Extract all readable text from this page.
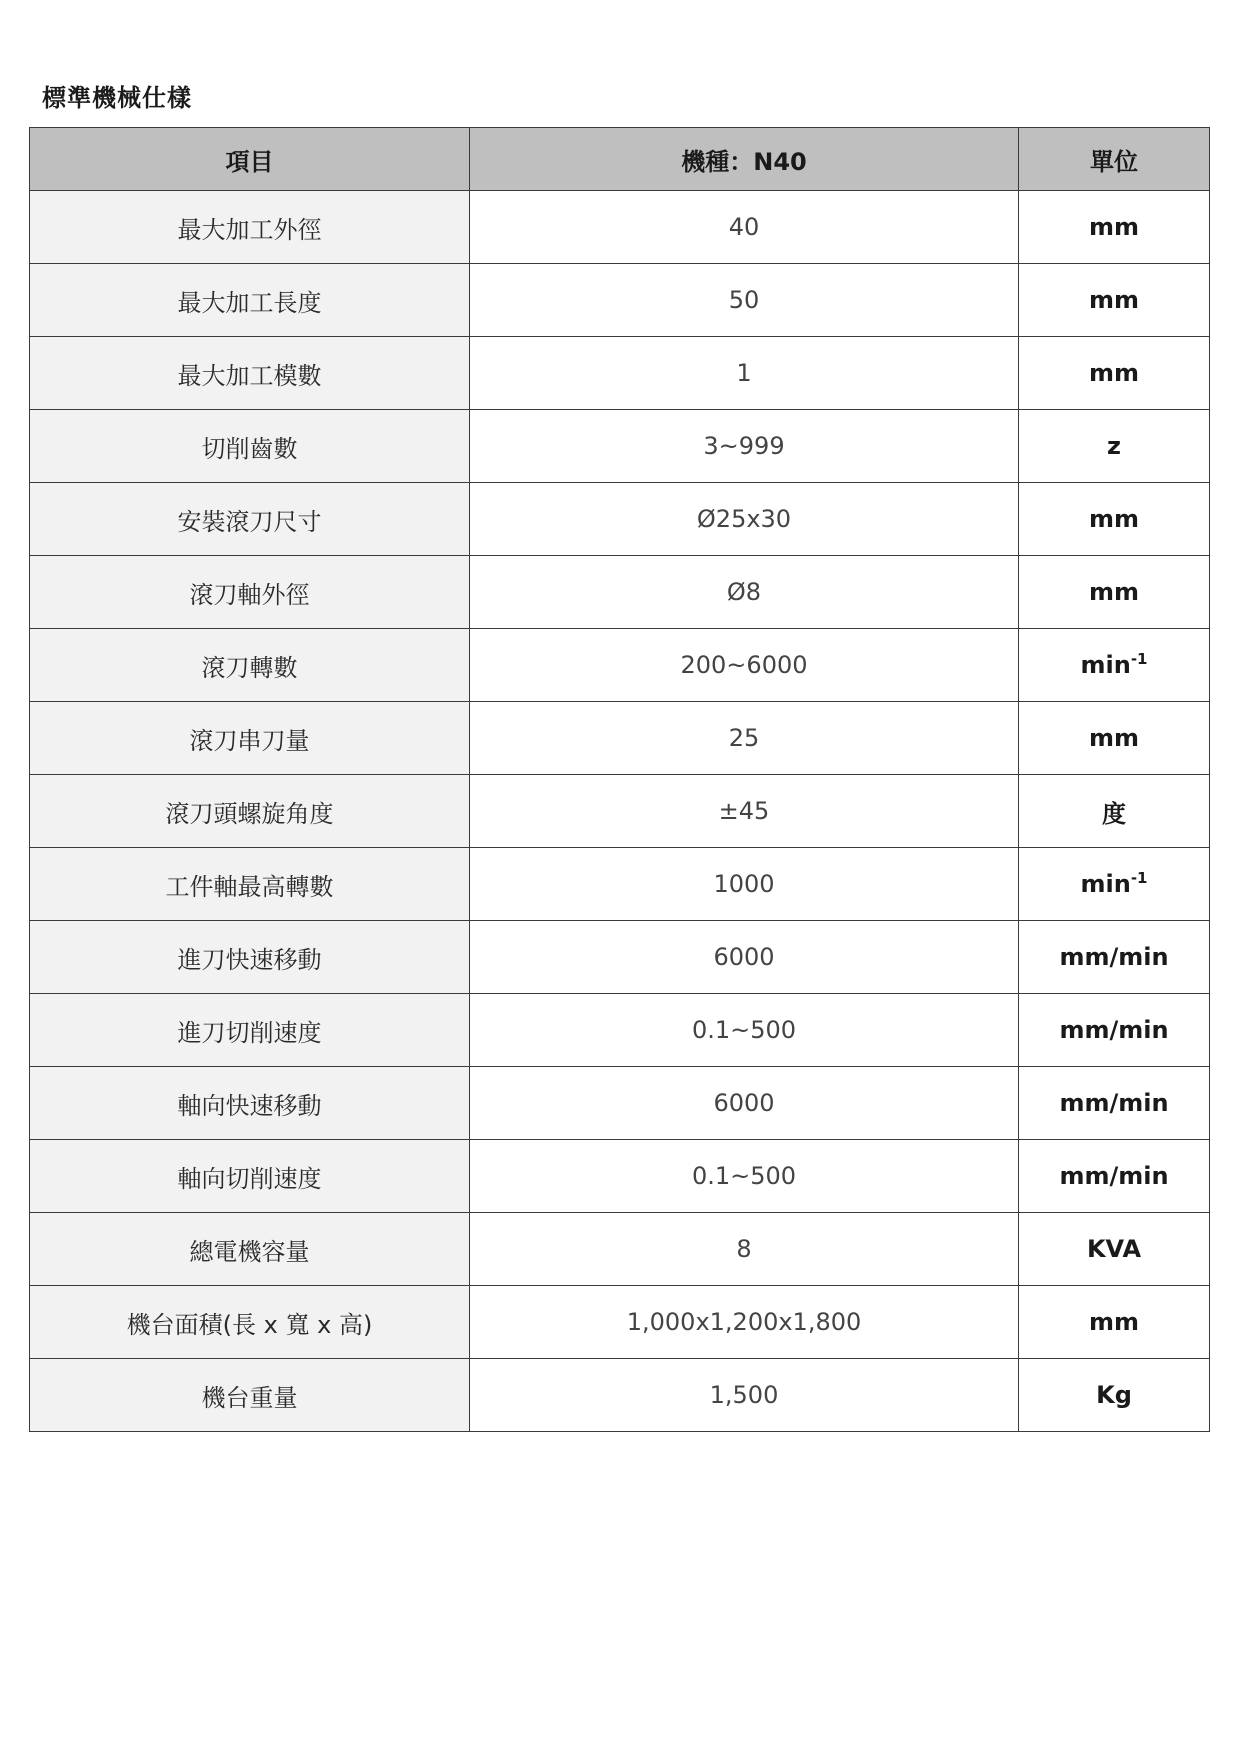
標準機械仕樣
項目	機種：N40	單位
最大加工外徑	40	mm
最大加工長度	50	mm
最大加工模數	1	mm
切削齒數	3~999	z
安裝滾刀尺寸	Ø25x30	mm
滾刀軸外徑	Ø8	mm
滾刀轉數	200~6000	$\min^{-1}$
滾刀串刀量	25	mm
滾刀頭螺旋角度	±45	度
工件軸最高轉數	1000	$\min^{-1}$
進刀快速移動	6000	mm/min
進刀切削速度	0.1~500	mm/min
軸向快速移動	6000	mm/min
軸向切削速度	0.1~500	mm/min
總電機容量	8	KVA
機台面積(長 x 寬 x 高)	1,000x1,200x1,800	mm
機台重量	1,500	Kg
